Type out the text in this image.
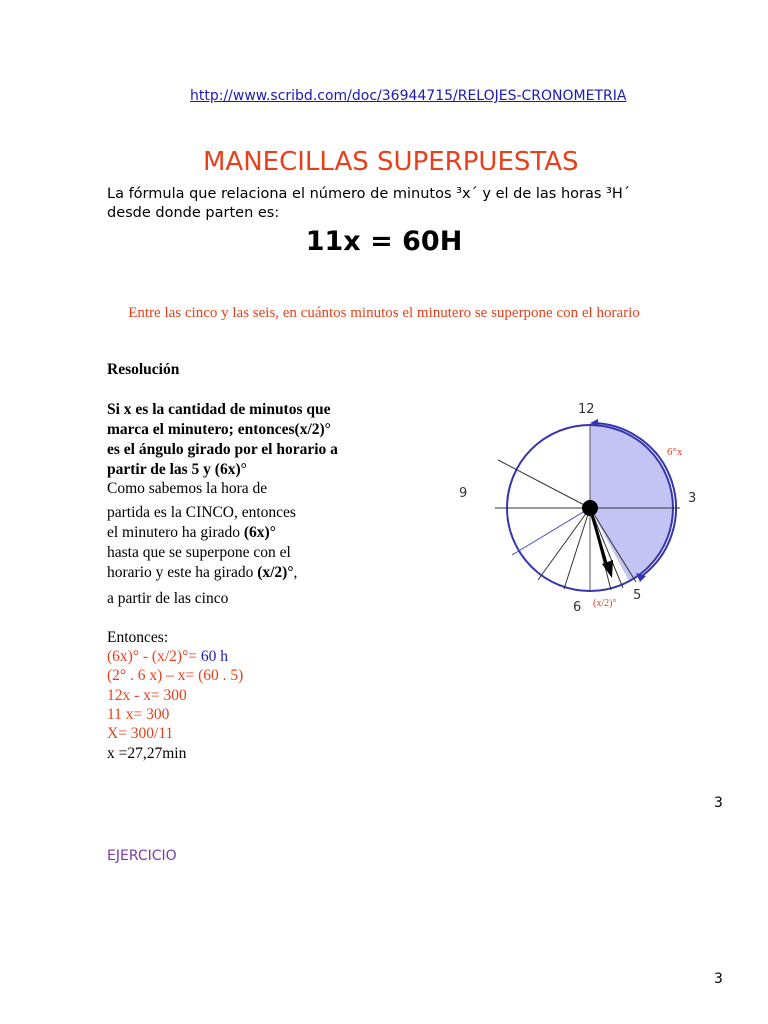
http://www.scribd.com/doc/36944715/RELOJES-CRONOMETRIA
MANECILLAS SUPERPUESTAS
La fórmula que relaciona el número de minutos ³x´ y el de las horas ³H´
desde donde parten es:
11x = 60H
Entre las cinco y las seis, en cuántos minutos el minutero se superpone con el horario
Resolución
Si x es la cantidad de minutos que
marca el minutero; entonces(x/2)°
es el ángulo girado por el horario a
partir de las 5 y (6x)°
Como sabemos la hora de
partida es la CINCO, entonces
el minutero ha girado (6x)°
hasta que se superpone con el
horario y este ha girado (x/2)°,
a partir de las cinco
Entonces:
(6x)° - (x/2)°= 60 h
(2° . 6 x) – x= (60 . 5)
12x - x= 300
11 x= 300
X= 300/11
x =27,27min
12
3
6
9
5
6°x
(x/2)°
3
EJERCICIO
3
